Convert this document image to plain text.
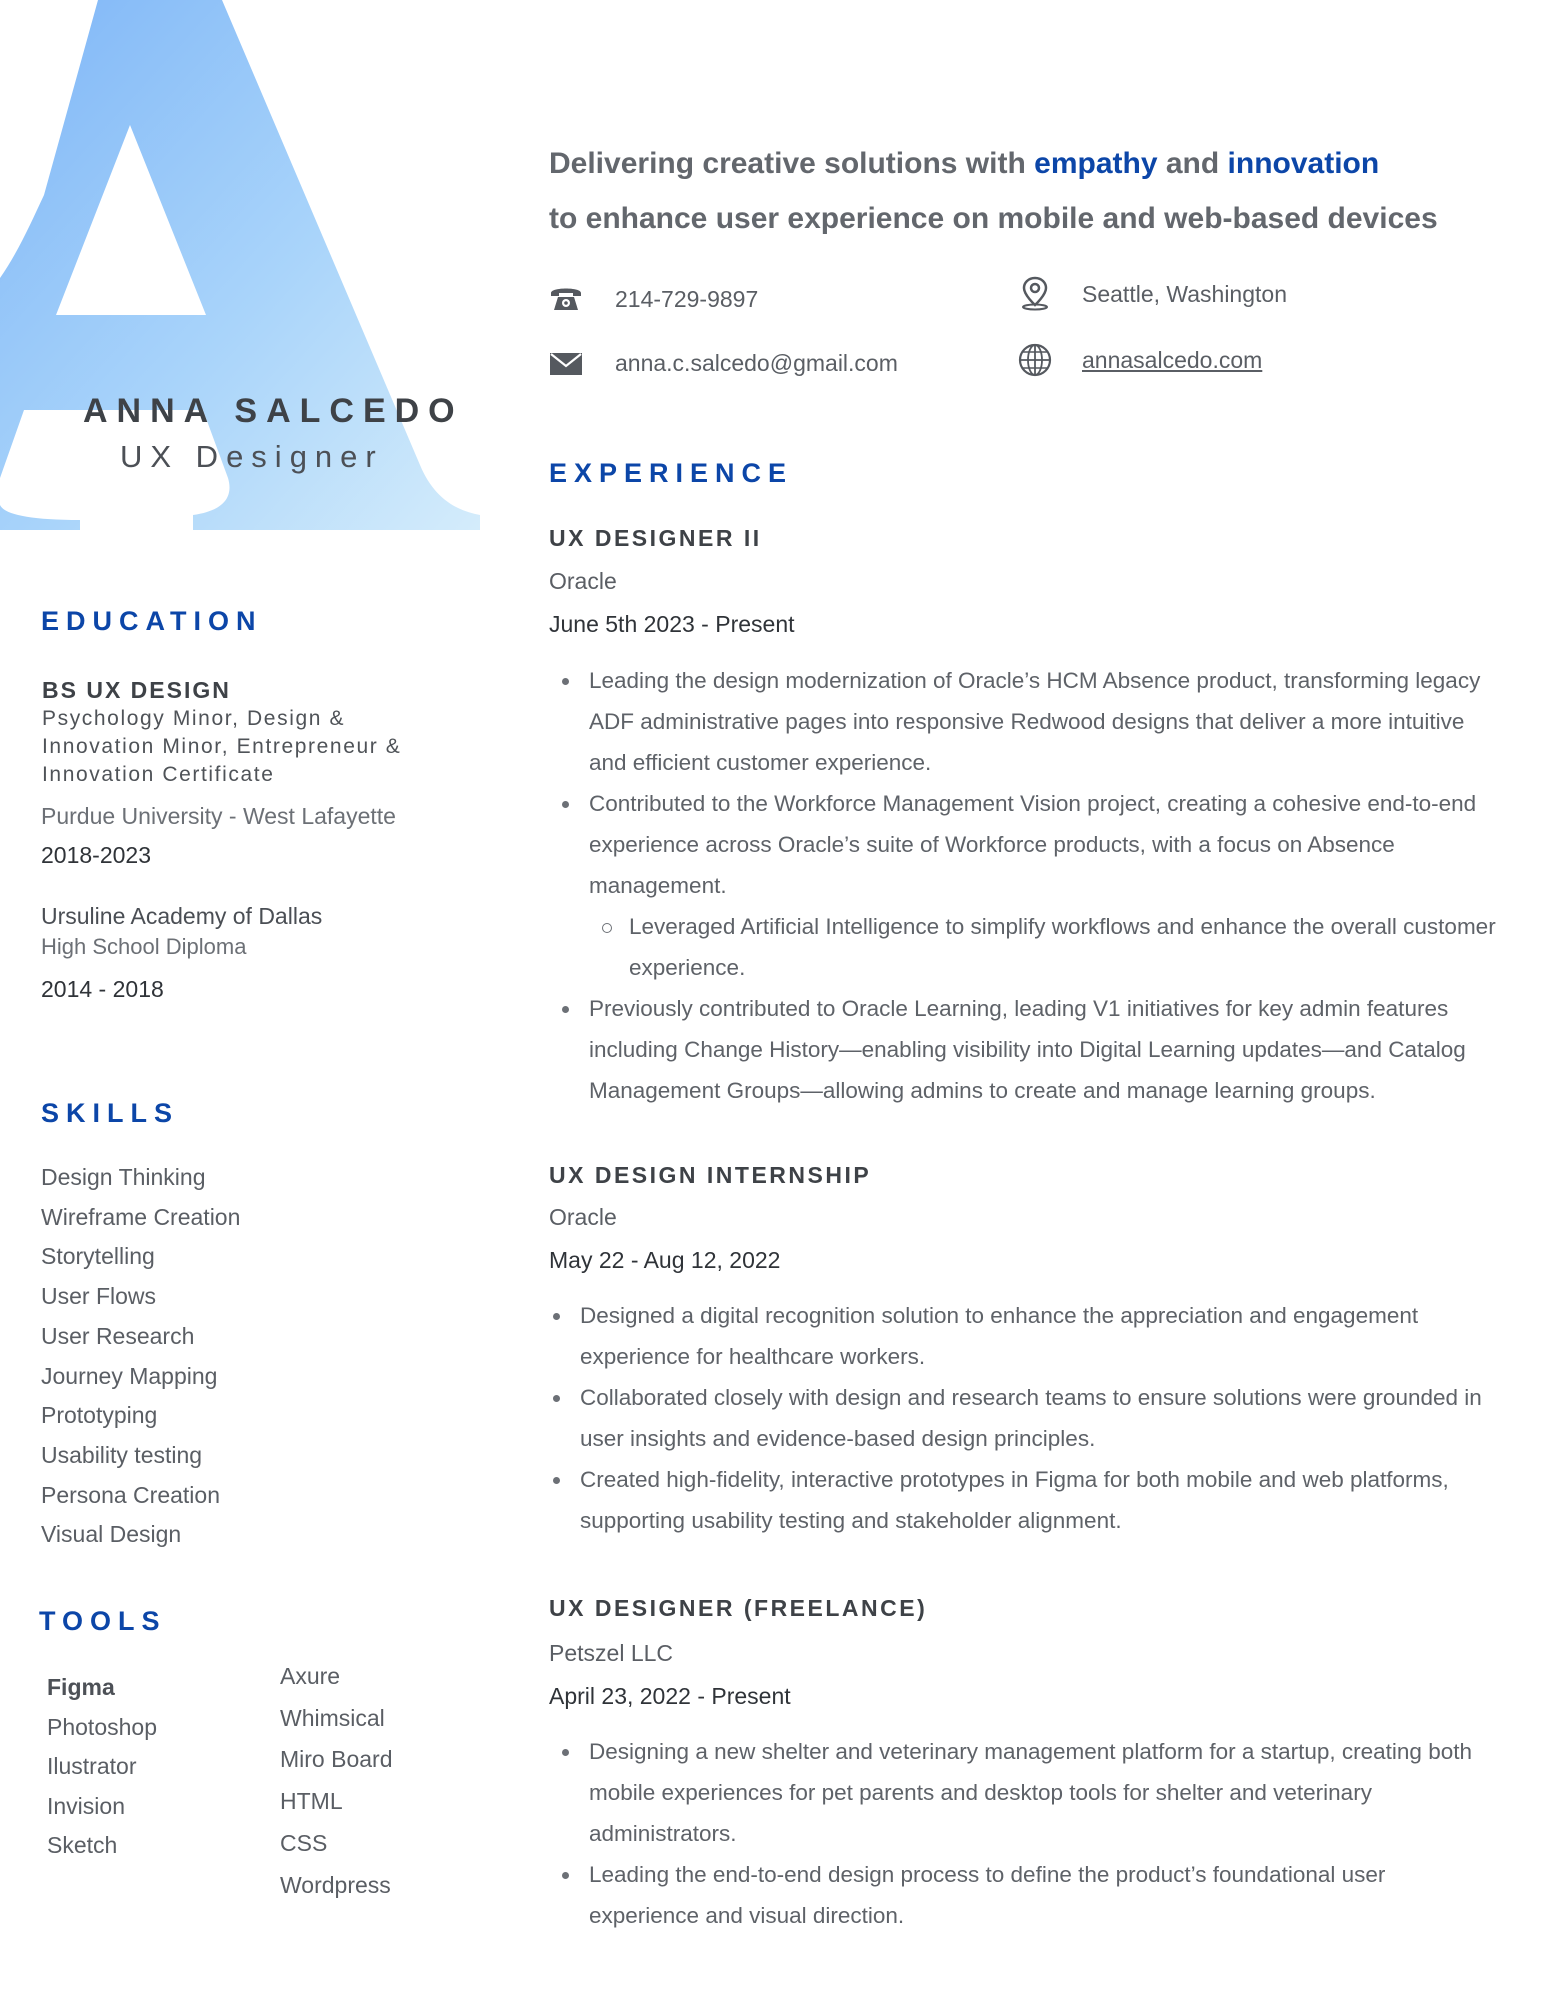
ANNA SALCEDO
UX Designer
EDUCATION
BS UX DESIGN
Psychology Minor, Design & Innovation Minor, Entrepreneur & Innovation Certificate
Purdue University - West Lafayette
2018-2023
Ursuline Academy of Dallas
High School Diploma
2014 - 2018
SKILLS
Design Thinking
Wireframe Creation
Storytelling
User Flows
User Research
Journey Mapping
Prototyping
Usability testing
Persona Creation
Visual Design
TOOLS
Figma
Photoshop
Ilustrator
Invision
Sketch
Axure
Whimsical
Miro Board
HTML
CSS
Wordpress
Delivering creative solutions with empathy and innovation
to enhance user experience on mobile and web-based devices
214-729-9897
anna.c.salcedo@gmail.com
Seattle, Washington
annasalcedo.com
EXPERIENCE
UX DESIGNER II
Oracle
June 5th 2023 - Present
Leading the design modernization of Oracle’s HCM Absence product, transforming legacy ADF administrative pages into responsive Redwood designs that deliver a more intuitive and efficient customer experience.
Contributed to the Workforce Management Vision project, creating a cohesive end-to-end experience across Oracle’s suite of Workforce products, with a focus on Absence management.
Leveraged Artificial Intelligence to simplify workflows and enhance the overall customer experience.
Previously contributed to Oracle Learning, leading V1 initiatives for key admin features including Change History—enabling visibility into Digital Learning updates—and Catalog Management Groups—allowing admins to create and manage learning groups.
UX DESIGN INTERNSHIP
Oracle
May 22 - Aug 12, 2022
Designed a digital recognition solution to enhance the appreciation and engagement experience for healthcare workers.
Collaborated closely with design and research teams to ensure solutions were grounded in user insights and evidence-based design principles.
Created high-fidelity, interactive prototypes in Figma for both mobile and web platforms, supporting usability testing and stakeholder alignment.
UX DESIGNER (FREELANCE)
Petszel LLC
April 23, 2022 - Present
Designing a new shelter and veterinary management platform for a startup, creating both mobile experiences for pet parents and desktop tools for shelter and veterinary administrators.
Leading the end-to-end design process to define the product’s foundational user experience and visual direction.
